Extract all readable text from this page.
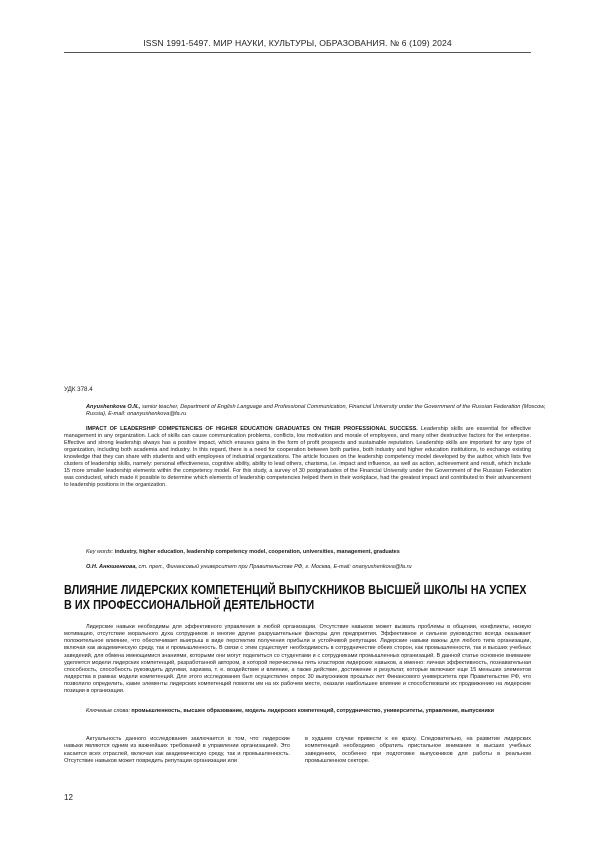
ISSN 1991-5497. МИР НАУКИ, КУЛЬТУРЫ, ОБРАЗОВАНИЯ. № 6 (109) 2024
УДК 378.4
Anyushenkova O.N., senior teacher, Department of English Language and Professional Communication, Financial University under the Government of the Russian Federation (Moscow, Russia), E-mail: onanyushenkova@fa.ru
IMPACT OF LEADERSHIP COMPETENCIES OF HIGHER EDUCATION GRADUATES ON THEIR PROFESSIONAL SUCCESS. Leadership skills are essential for effective management in any organization. Lack of skills can cause communication problems, conflicts, low motivation and morale of employees, and many other destructive factors for the enterprise. Effective and strong leadership always has a positive impact, which ensures gains in the form of profit prospects and sustainable reputation. Leadership skills are important for any type of organization, including both academia and industry. In this regard, there is a need for cooperation between both parties, both industry and higher education institutions, to exchange existing knowledge that they can share with students and with employees of industrial organizations. The article focuses on the leadership competency model developed by the author, which lists five clusters of leadership skills, namely: personal effectiveness, cognitive ability, ability to lead others, charisma, i.e. impact and influence, as well as action, achievement and result, which include 15 more smaller leadership elements within the competency model. For this study, a survey of 30 postgraduates of the Financial University under the Government of the Russian Federation was conducted, which made it possible to determine which elements of leadership competencies helped them in their workplace, had the greatest impact and contributed to their advancement to leadership positions in the organization.
Key words: industry, higher education, leadership competency model, cooperation, universities, management, graduates
О.Н. Анюшенкова, ст. преп., Финансовый университет при Правительстве РФ, г. Москва, E-mail: onanyushenkova@fa.ru
ВЛИЯНИЕ ЛИДЕРСКИХ КОМПЕТЕНЦИЙ ВЫПУСКНИКОВ ВЫСШЕЙ ШКОЛЫ НА УСПЕХ В ИХ ПРОФЕССИОНАЛЬНОЙ ДЕЯТЕЛЬНОСТИ
Лидерские навыки необходимы для эффективного управления в любой организации. Отсутствие навыков может вызвать проблемы в общении, конфликты, низкую мотивацию, отсутствие морального духа сотрудников и многие другие разрушительные факторы для предприятия. Эффективное и сильное руководство всегда оказывает положительное влияние, что обеспечивает выигрыш в виде перспектив получения прибыли и устойчивой репутации. Лидерские навыки важны для любого типа организации, включая как академическую среду, так и промышленность. В связи с этим существует необходимость в сотрудничестве обеих сторон, как промышленности, так и высших учебных заведений, для обмена имеющимися знаниями, которыми они могут поделиться со студентами и с сотрудниками промышленных организаций. В данной статье основное внимание уделяется модели лидерских компетенций, разработанной автором, в которой перечислены пять кластеров лидерских навыков, а именно: личная эффективность, познавательная способность, способность руководить другими, харизма, т. е. воздействие и влияние, а также действие, достижение и результат, которые включают еще 15 меньших элементов лидерства в рамках модели компетенций. Для этого исследования был осуществлен опрос 30 выпускников прошлых лет Финансового университета при Правительстве РФ, что позволило определить, какие элементы лидерских компетенций помогли им на их рабочем месте, оказали наибольшее влияние и способствовали их продвижению на лидерские позиции в организации.
Ключевые слова: промышленность, высшее образование, модель лидерских компетенций, сотрудничество, университеты, управление, выпускники
Актуальность данного исследования заключается в том, что лидерские навыки являются одним из важнейших требований в управлении организацией. Это касается всех отраслей, включая как академическую среду, так и промышленность. Отсутствие навыков может повредить репутации организации или
в худшем случае привести к ее краху. Следовательно, на развитие лидерских компетенций необходимо обратить пристальное внимание в высших учебных заведениях, особенно при подготовке выпускников для работы в реальном промышленном секторе.
12
